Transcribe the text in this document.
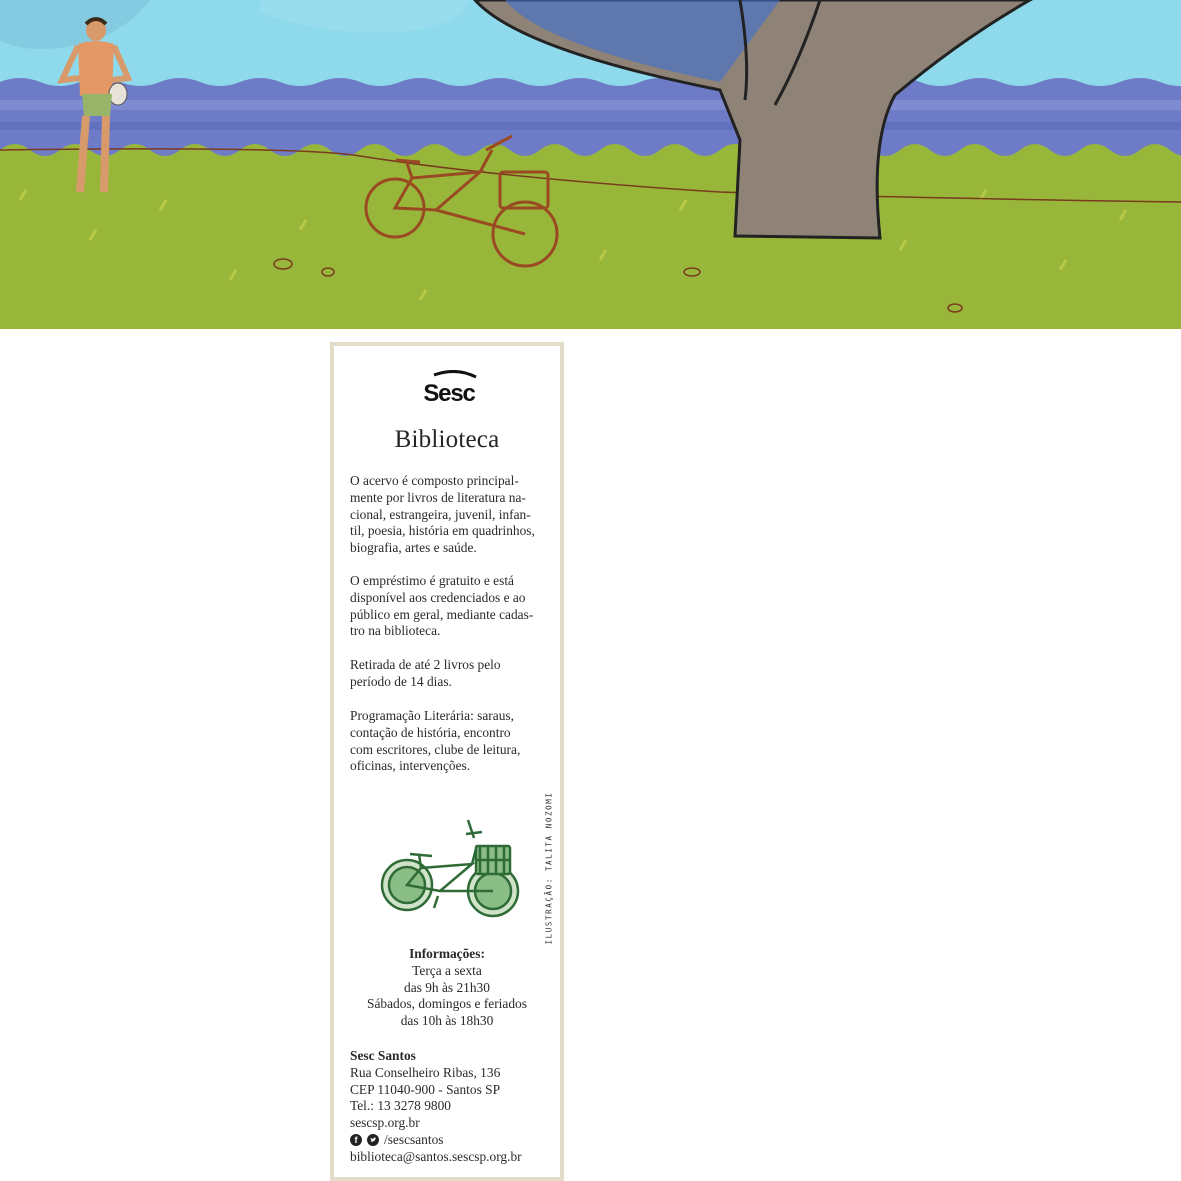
Sesc
Biblioteca

O acervo é composto principal-
mente por livros de literatura na-
cional, estrangeira, juvenil, infan-
til, poesia, história em quadrinhos,
biografia, artes e saúde.

O empréstimo é gratuito e está
disponível aos credenciados e ao
público em geral, mediante cadas-
tro na biblioteca.

Retirada de até 2 livros pelo
período de 14 dias.

Programação Literária: saraus,
contação de história, encontro
com escritores, clube de leitura,
oficinas, intervenções.

ILUSTRAÇÃO: TALITA NOZOMI
Informações:
Terça a sexta
das 9h às 21h30
Sábados, domingos e feriados
das 10h às 18h30
Sesc Santos
Rua Conselheiro Ribas, 136
CEP 11040-900 - Santos SP
Tel.: 13 3278 9800
sescsp.org.br
f	/sescsantos
biblioteca@santos.sescsp.org.br
